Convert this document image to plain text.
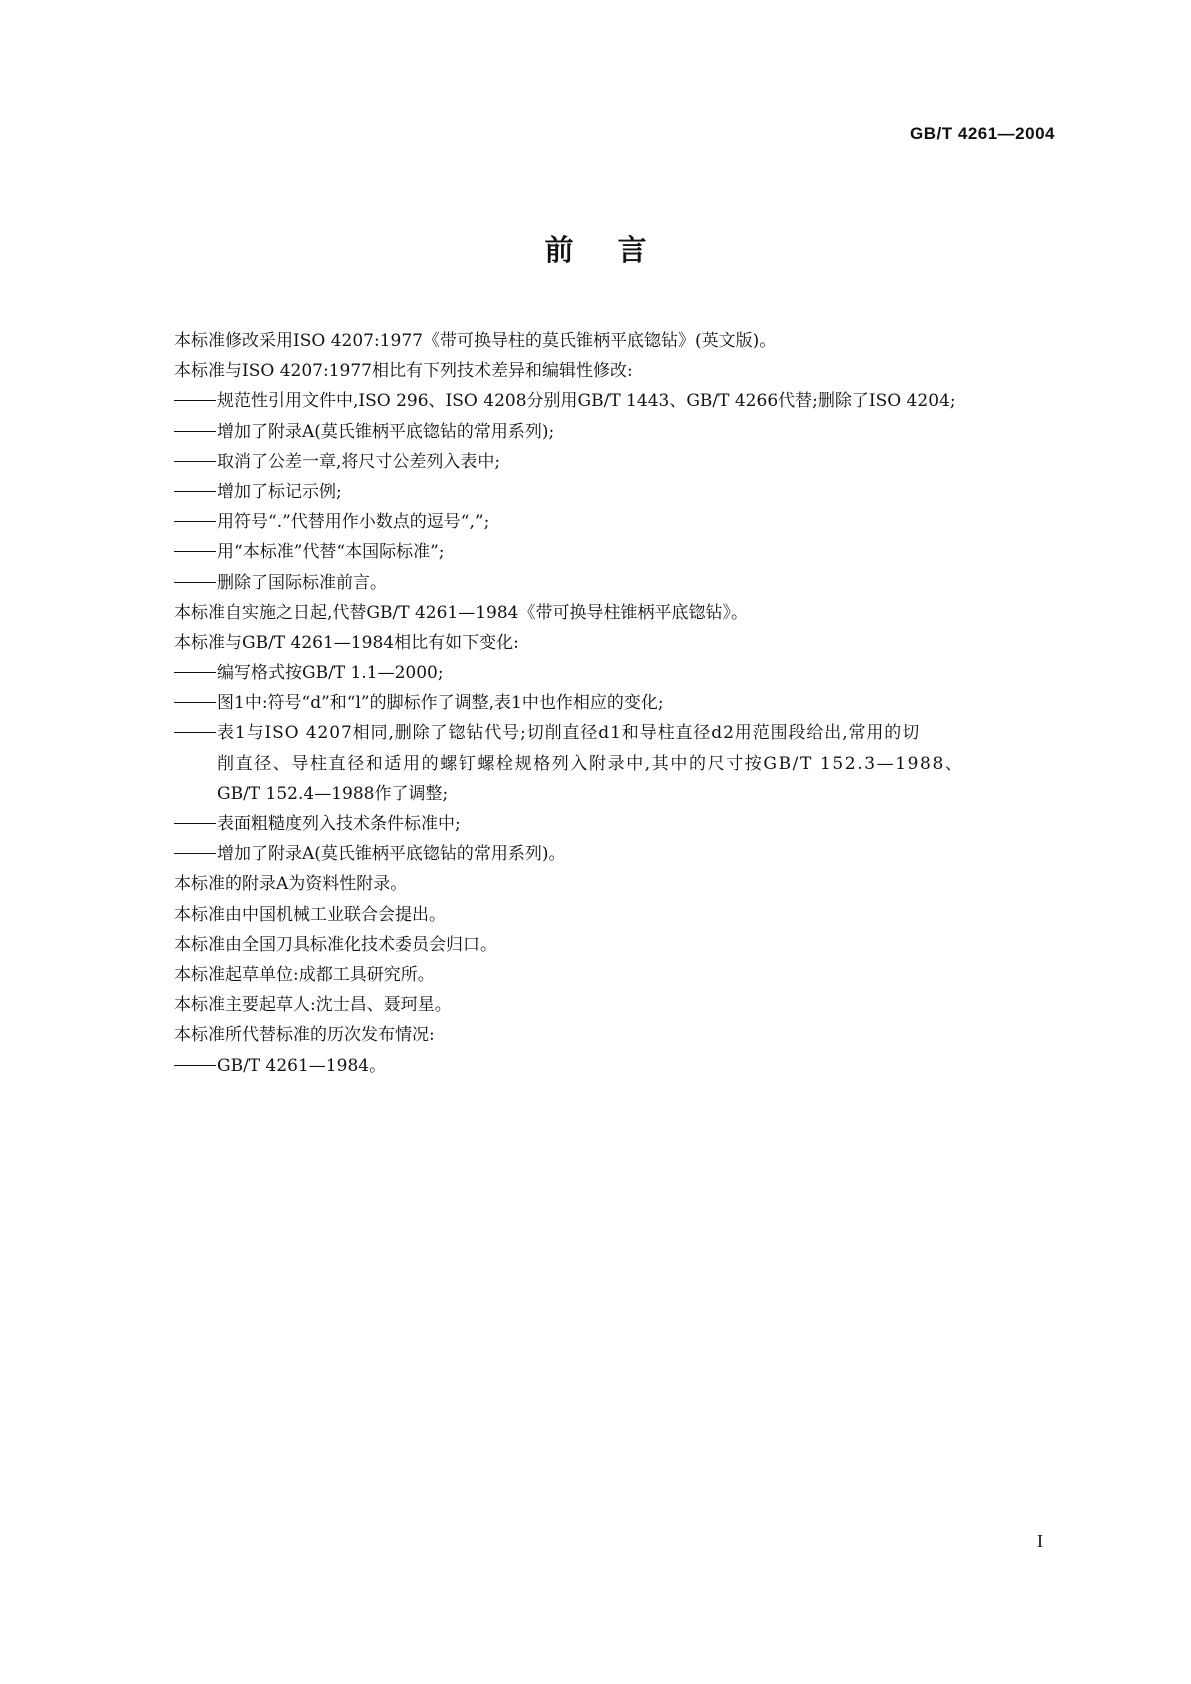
GB/T 4261—2004
前言
本标准修改采用ISO 4207:1977《带可换导柱的莫氏锥柄平底锪钻》(英文版)。
本标准与ISO 4207:1977相比有下列技术差异和编辑性修改:
规范性引用文件中,ISO 296、ISO 4208分别用GB/T 1443、GB/T 4266代替;删除了ISO 4204;
增加了附录A(莫氏锥柄平底锪钻的常用系列);
取消了公差一章,将尺寸公差列入表中;
增加了标记示例;
用符号“.”代替用作小数点的逗号“,”;
用“本标准”代替“本国际标准”;
删除了国际标准前言。
本标准自实施之日起,代替GB/T 4261—1984《带可换导柱锥柄平底锪钻》。
本标准与GB/T 4261—1984相比有如下变化:
编写格式按GB/T 1.1—2000;
图1中:符号“d”和“l”的脚标作了调整,表1中也作相应的变化;
表1与ISO 4207相同,删除了锪钻代号;切削直径d1和导柱直径d2用范围段给出,常用的切
削直径、导柱直径和适用的螺钉螺栓规格列入附录中,其中的尺寸按GB/T 152.3—1988、
GB/T 152.4—1988作了调整;
表面粗糙度列入技术条件标准中;
增加了附录A(莫氏锥柄平底锪钻的常用系列)。
本标准的附录A为资料性附录。
本标准由中国机械工业联合会提出。
本标准由全国刀具标准化技术委员会归口。
本标准起草单位:成都工具研究所。
本标准主要起草人:沈士昌、聂珂星。
本标准所代替标准的历次发布情况:
GB/T 4261—1984。
I
